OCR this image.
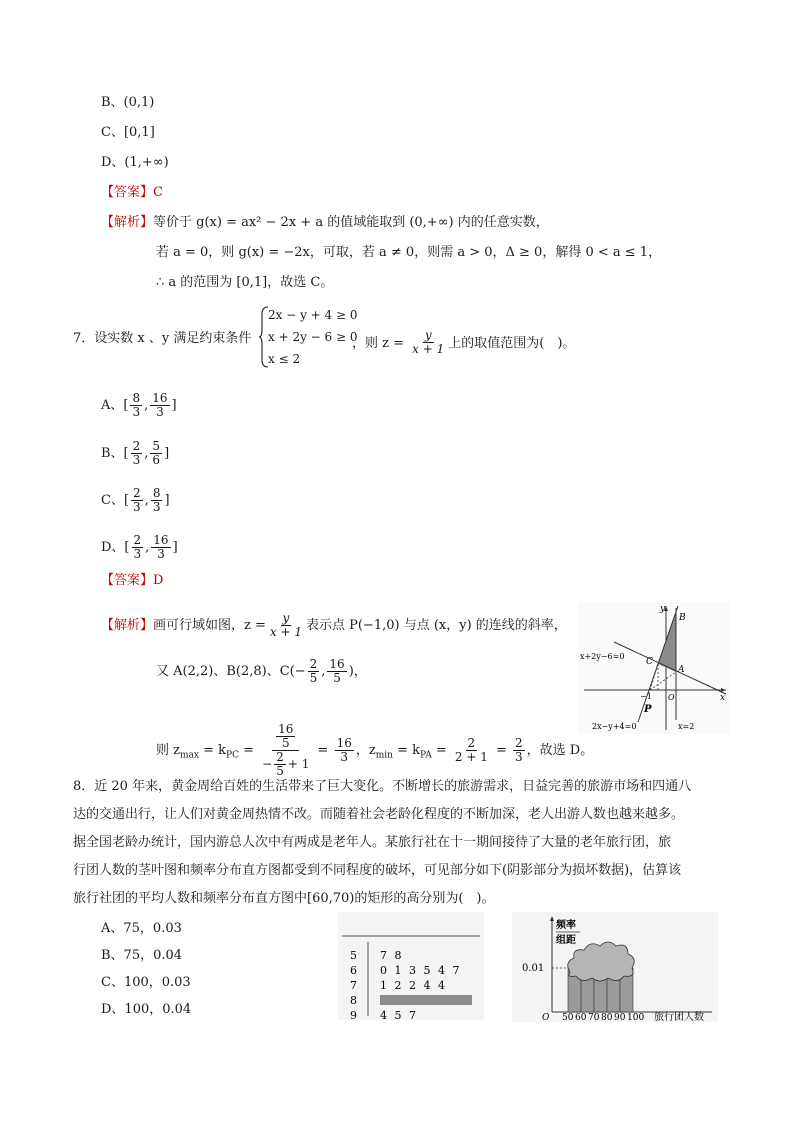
B、(0,1)
C、[0,1]
D、(1,+∞)
【答案】C
【解析】等价于 g(x) = ax² − 2x + a 的值域能取到 (0,+∞) 内的任意实数，
若 a = 0，则 g(x) = −2x，可取，若 a ≠ 0，则需 a > 0，Δ ≥ 0，解得 0 < a ≤ 1，
∴ a 的范围为 [0,1]，故选 C。
7．设实数 x 、y 满足约束条件
2x − y + 4 ≥ 0
x + 2y − 6 ≥ 0
x ≤ 2
，则 $z = \frac{y}{x + 1}$ 上的取值范围为(　)。
A、[ $\frac{8}{3}$ , $\frac{16}{3}$ ]
B、[ $\frac{2}{3}$ , $\frac{5}{6}$ ]
C、[ $\frac{2}{3}$ , $\frac{8}{3}$ ]
D、[ $\frac{2}{3}$ , $\frac{16}{3}$ ]
【答案】D
【解析】画可行域如图，$z = \frac{y}{x + 1}$ 表示点 P(−1,0) 与点 (x，y) 的连线的斜率，
又 A(2,2)、B(2,8)、$C(- \frac{2}{5}$ , $\frac{16}{5}$ )，
则 $z_{max} = k_{PC} = \frac{\frac{16}{5}}{- \frac{2}{5} + 1} = \frac{16}{3}$ ，$z_{min} = k_{PA} = \frac{2}{2 + 1} = \frac{2}{3}$ ，故选 D。
y
x
B
C
A
O
−1
P
x+2y−6=0
2x−y+4=0	x=2
8．近 20 年来，黄金周给百姓的生活带来了巨大变化。不断增长的旅游需求，日益完善的旅游市场和四通八
达的交通出行，让人们对黄金周热情不改。而随着社会老龄化程度的不断加深，老人出游人数也越来越多。
据全国老龄办统计，国内游总人次中有两成是老年人。某旅行社在十一期间接待了大量的老年旅行团，旅
行团人数的茎叶图和频率分布直方图都受到不同程度的破坏，可见部分如下(阴影部分为损坏数据)，估算该
旅行社团的平均人数和频率分布直方图中[60,70)的矩形的高分别为(　)。
A、75，0.03
B、75，0.04
C、100，0.03
D、100，0.04
5
6
7
8
9
7 8
0 1 3 5 4 7
1 2 2 4 4
4 5 7
频率
组距
0.01
O 50 60 70 80 90 100 旅行团人数
